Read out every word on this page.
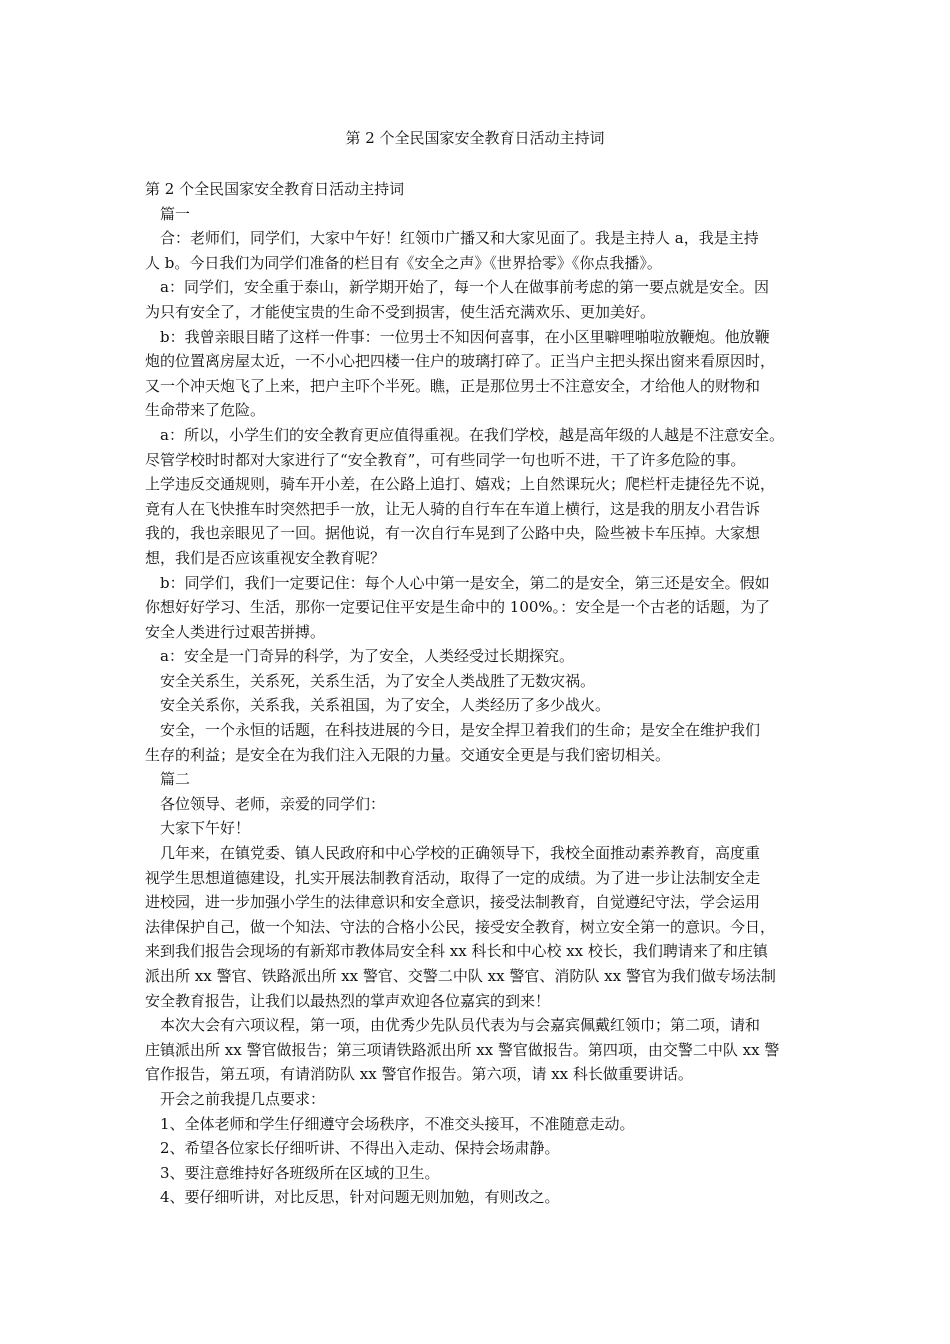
第 2 个全民国家安全教育日活动主持词
第 2 个全民国家安全教育日活动主持词
　篇一
　合：老师们，同学们，大家中午好！红领巾广播又和大家见面了。我是主持人 a，我是主持
人 b。今日我们为同学们准备的栏目有《安全之声》《世界拾零》《你点我播》。
　a：同学们，安全重于泰山，新学期开始了，每一个人在做事前考虑的第一要点就是安全。因
为只有安全了，才能使宝贵的生命不受到损害，使生活充满欢乐、更加美好。
　b：我曾亲眼目睹了这样一件事：一位男士不知因何喜事，在小区里噼哩啪啦放鞭炮。他放鞭
炮的位置离房屋太近，一不小心把四楼一住户的玻璃打碎了。正当户主把头探出窗来看原因时，
又一个冲天炮飞了上来，把户主吓个半死。瞧，正是那位男士不注意安全，才给他人的财物和
生命带来了危险。
　a：所以，小学生们的安全教育更应值得重视。在我们学校，越是高年级的人越是不注意安全。
尽管学校时时都对大家进行了“安全教育”，可有些同学一句也听不进，干了许多危险的事。
上学违反交通规则，骑车开小差，在公路上追打、嬉戏；上自然课玩火；爬栏杆走捷径先不说，
竟有人在飞快推车时突然把手一放，让无人骑的自行车在车道上横行，这是我的朋友小君告诉
我的，我也亲眼见了一回。据他说，有一次自行车晃到了公路中央，险些被卡车压掉。大家想
想，我们是否应该重视安全教育呢？
　b：同学们，我们一定要记住：每个人心中第一是安全，第二的是安全，第三还是安全。假如
你想好好学习、生活，那你一定要记住平安是生命中的 100%。：安全是一个古老的话题，为了
安全人类进行过艰苦拼搏。
　a：安全是一门奇异的科学，为了安全，人类经受过长期探究。
　安全关系生，关系死，关系生活，为了安全人类战胜了无数灾祸。
　安全关系你，关系我，关系祖国，为了安全，人类经历了多少战火。
　安全，一个永恒的话题，在科技进展的今日，是安全捍卫着我们的生命；是安全在维护我们
生存的利益；是安全在为我们注入无限的力量。交通安全更是与我们密切相关。
　篇二
　各位领导、老师，亲爱的同学们：
　大家下午好！
　几年来，在镇党委、镇人民政府和中心学校的正确领导下，我校全面推动素养教育，高度重
视学生思想道德建设，扎实开展法制教育活动，取得了一定的成绩。为了进一步让法制安全走
进校园，进一步加强小学生的法律意识和安全意识，接受法制教育，自觉遵纪守法，学会运用
法律保护自己，做一个知法、守法的合格小公民，接受安全教育，树立安全第一的意识。今日，
来到我们报告会现场的有新郑市教体局安全科 xx 科长和中心校 xx 校长，我们聘请来了和庄镇
派出所 xx 警官、铁路派出所 xx 警官、交警二中队 xx 警官、消防队 xx 警官为我们做专场法制
安全教育报告，让我们以最热烈的掌声欢迎各位嘉宾的到来！
　本次大会有六项议程，第一项，由优秀少先队员代表为与会嘉宾佩戴红领巾；第二项，请和
庄镇派出所 xx 警官做报告；第三项请铁路派出所 xx 警官做报告。第四项，由交警二中队 xx 警
官作报告，第五项，有请消防队 xx 警官作报告。第六项，请 xx 科长做重要讲话。
　开会之前我提几点要求：
　1、全体老师和学生仔细遵守会场秩序，不准交头接耳，不准随意走动。
　2、希望各位家长仔细听讲、不得出入走动、保持会场肃静。
　3、要注意维持好各班级所在区域的卫生。
　4、要仔细听讲，对比反思，针对问题无则加勉，有则改之。
